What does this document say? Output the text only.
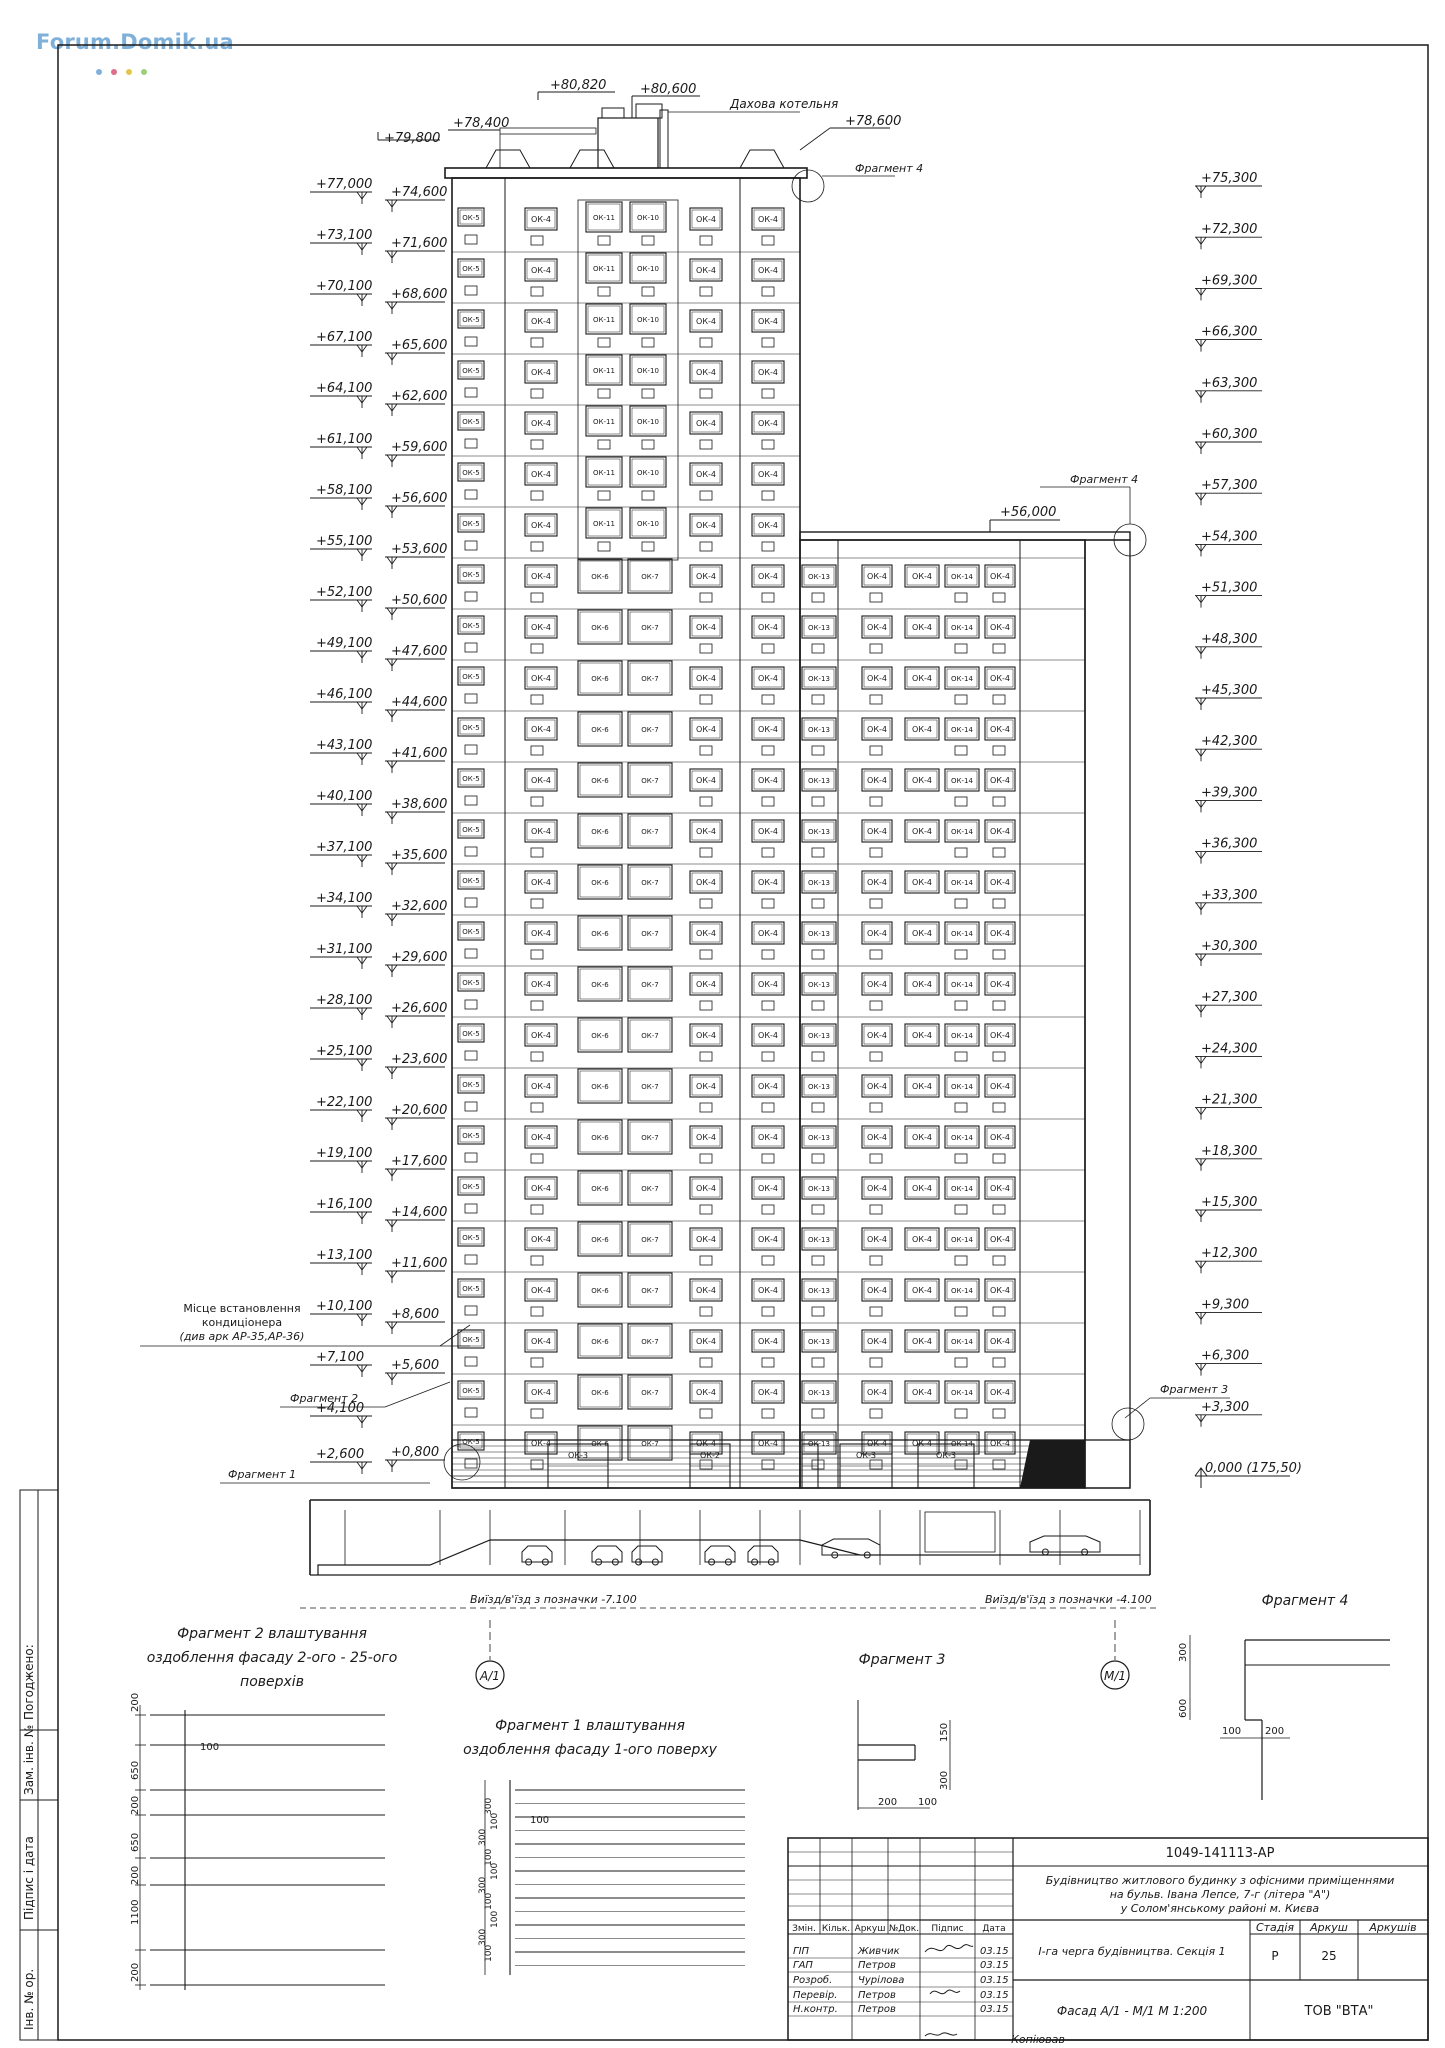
Forum.Domik.ua
Погоджено:
Інв. № ор.
Підпис і дата
Зам. інв. №
ОК-5	ОК-4	ОК-11	ОК-10	ОК-4	ОК-4
ОК-5	ОК-4	ОК-11	ОК-10	ОК-4	ОК-4
ОК-5	ОК-4	ОК-11	ОК-10	ОК-4	ОК-4
ОК-5	ОК-4	ОК-11	ОК-10	ОК-4	ОК-4
ОК-5	ОК-4	ОК-11	ОК-10	ОК-4	ОК-4
ОК-5	ОК-4	ОК-11	ОК-10	ОК-4	ОК-4
ОК-5	ОК-4	ОК-11	ОК-10	ОК-4	ОК-4
ОК-5	ОК-4	ОК-6	ОК-7	ОК-4	ОК-4	ОК-13	ОК-4	ОК-4	ОК-14 ОК-4
ОК-5	ОК-4	ОК-6	ОК-7	ОК-4	ОК-4	ОК-13	ОК-4	ОК-4	ОК-14 ОК-4
ОК-5	ОК-4	ОК-6	ОК-7	ОК-4	ОК-4	ОК-13	ОК-4	ОК-4	ОК-14 ОК-4
ОК-5	ОК-4	ОК-6	ОК-7	ОК-4	ОК-4	ОК-13	ОК-4	ОК-4	ОК-14 ОК-4
ОК-5	ОК-4	ОК-6	ОК-7	ОК-4	ОК-4	ОК-13	ОК-4	ОК-4	ОК-14 ОК-4
ОК-5	ОК-4	ОК-6	ОК-7	ОК-4	ОК-4	ОК-13	ОК-4	ОК-4	ОК-14 ОК-4
ОК-5	ОК-4	ОК-6	ОК-7	ОК-4	ОК-4	ОК-13	ОК-4	ОК-4	ОК-14 ОК-4
ОК-5	ОК-4	ОК-6	ОК-7	ОК-4	ОК-4	ОК-13	ОК-4	ОК-4	ОК-14 ОК-4
ОК-5	ОК-4	ОК-6	ОК-7	ОК-4	ОК-4	ОК-13	ОК-4	ОК-4	ОК-14 ОК-4
ОК-5	ОК-4	ОК-6	ОК-7	ОК-4	ОК-4	ОК-13	ОК-4	ОК-4	ОК-14 ОК-4
ОК-5	ОК-4	ОК-6	ОК-7	ОК-4	ОК-4	ОК-13	ОК-4	ОК-4	ОК-14 ОК-4
ОК-5	ОК-4	ОК-6	ОК-7	ОК-4	ОК-4	ОК-13	ОК-4	ОК-4	ОК-14 ОК-4
ОК-5	ОК-4	ОК-6	ОК-7	ОК-4	ОК-4	ОК-13	ОК-4	ОК-4	ОК-14 ОК-4
ОК-5	ОК-4	ОК-6	ОК-7	ОК-4	ОК-4	ОК-13	ОК-4	ОК-4	ОК-14 ОК-4
ОК-5	ОК-4	ОК-6	ОК-7	ОК-4	ОК-4	ОК-13	ОК-4	ОК-4	ОК-14 ОК-4
ОК-5	ОК-4	ОК-6	ОК-7	ОК-4	ОК-4	ОК-13	ОК-4	ОК-4	ОК-14 ОК-4
ОК-5	ОК-4	ОК-6	ОК-7	ОК-4	ОК-4	ОК-13	ОК-4	ОК-4	ОК-14 ОК-4
ОК-5	ОК-4	ОК-6	ОК-7	ОК-4	ОК-4	ОК-13	ОК-4	ОК-4	ОК-14 ОК-4
ОК-3	ОК-2	ОК-3	ОК-3
Виїзд/в'їзд з позначки -7.100	Виїзд/в'їзд з позначки -4.100
А/1	М/1
+77,000
+73,100
+70,100
+67,100
+64,100
+61,100
+58,100
+55,100
+52,100
+49,100
+46,100
+43,100
+40,100
+37,100
+34,100
+31,100
+28,100
+25,100
+22,100
+19,100
+16,100
+13,100
+10,100
+7,100
+4,100
+2,600
+74,600
+71,600
+68,600
+65,600
+62,600
+59,600
+56,600
+53,600
+50,600
+47,600
+44,600
+41,600
+38,600
+35,600
+32,600
+29,600
+26,600
+23,600
+20,600
+17,600
+14,600
+11,600
+8,600
+5,600
+0,800
+75,300
+72,300
+69,300
+66,300
+63,300
+60,300
+57,300
+54,300
+51,300
+48,300
+45,300
+42,300
+39,300
+36,300
+33,300
+30,300
+27,300
+24,300
+21,300
+18,300
+15,300
+12,300
+9,300
+6,300
+3,300
0,000 (175,50)
+80,820	+80,600
Дахова котельня
+78,600
+78,400
+79,800
Фрагмент 4
+56,000
Фрагмент 4
Місце встановлення
кондиціонера
(див арк АР-35,АР-36)
Фрагмент 2
Фрагмент 1
Фрагмент 3
Фрагмент 2 влаштування
оздоблення фасаду 2-ого - 25-ого
поверхів
200
100
650
200
650
200
1100
200
Фрагмент 1 влаштування
оздоблення фасаду 1-ого поверху
100
300
100
300
100
100
300
100
100
300
100
Фрагмент 3
150
300
200 100
Фрагмент 4
300
600
100 200
Змін. Кільк. Аркуш №Док. Підпис Дата
ГІП	Живчик	03.15
ГАП	Петров	03.15
Розроб.	Чурілова	03.15
Перевір. Петров	03.15
Н.контр. Петров	03.15
1049-141113-АР
Будівництво житлового будинку з офісними приміщеннями
на бульв. Івана Лепсе, 7-г (літера "А")
у Солом'янському районі м. Києва
І-га черга будівництва. Секція 1
Стадія Аркуш Аркушів
Р	25
Фасад А/1 - М/1 М 1:200	ТОВ "ВТА"
Копіював
